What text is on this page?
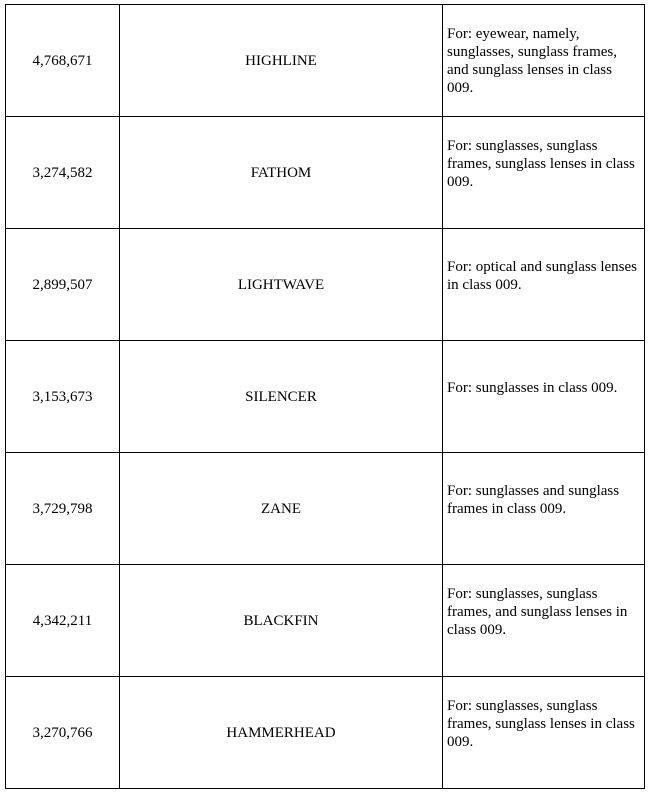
4,768,671	HIGHLINE	For: eyewear, namely, sunglasses, sunglass frames, and sunglass lenses in class 009.

3,274,582	FATHOM	For: sunglasses, sunglass frames, sunglass lenses in class 009.

2,899,507	LIGHTWAVE	For: optical and sunglass lenses in class 009.

3,153,673	SILENCER	For: sunglasses in class 009.

3,729,798	ZANE	For: sunglasses and sunglass frames in class 009.

4,342,211	BLACKFIN	For: sunglasses, sunglass frames, and sunglass lenses in class 009.

3,270,766	HAMMERHEAD	For: sunglasses, sunglass frames, sunglass lenses in class 009.
